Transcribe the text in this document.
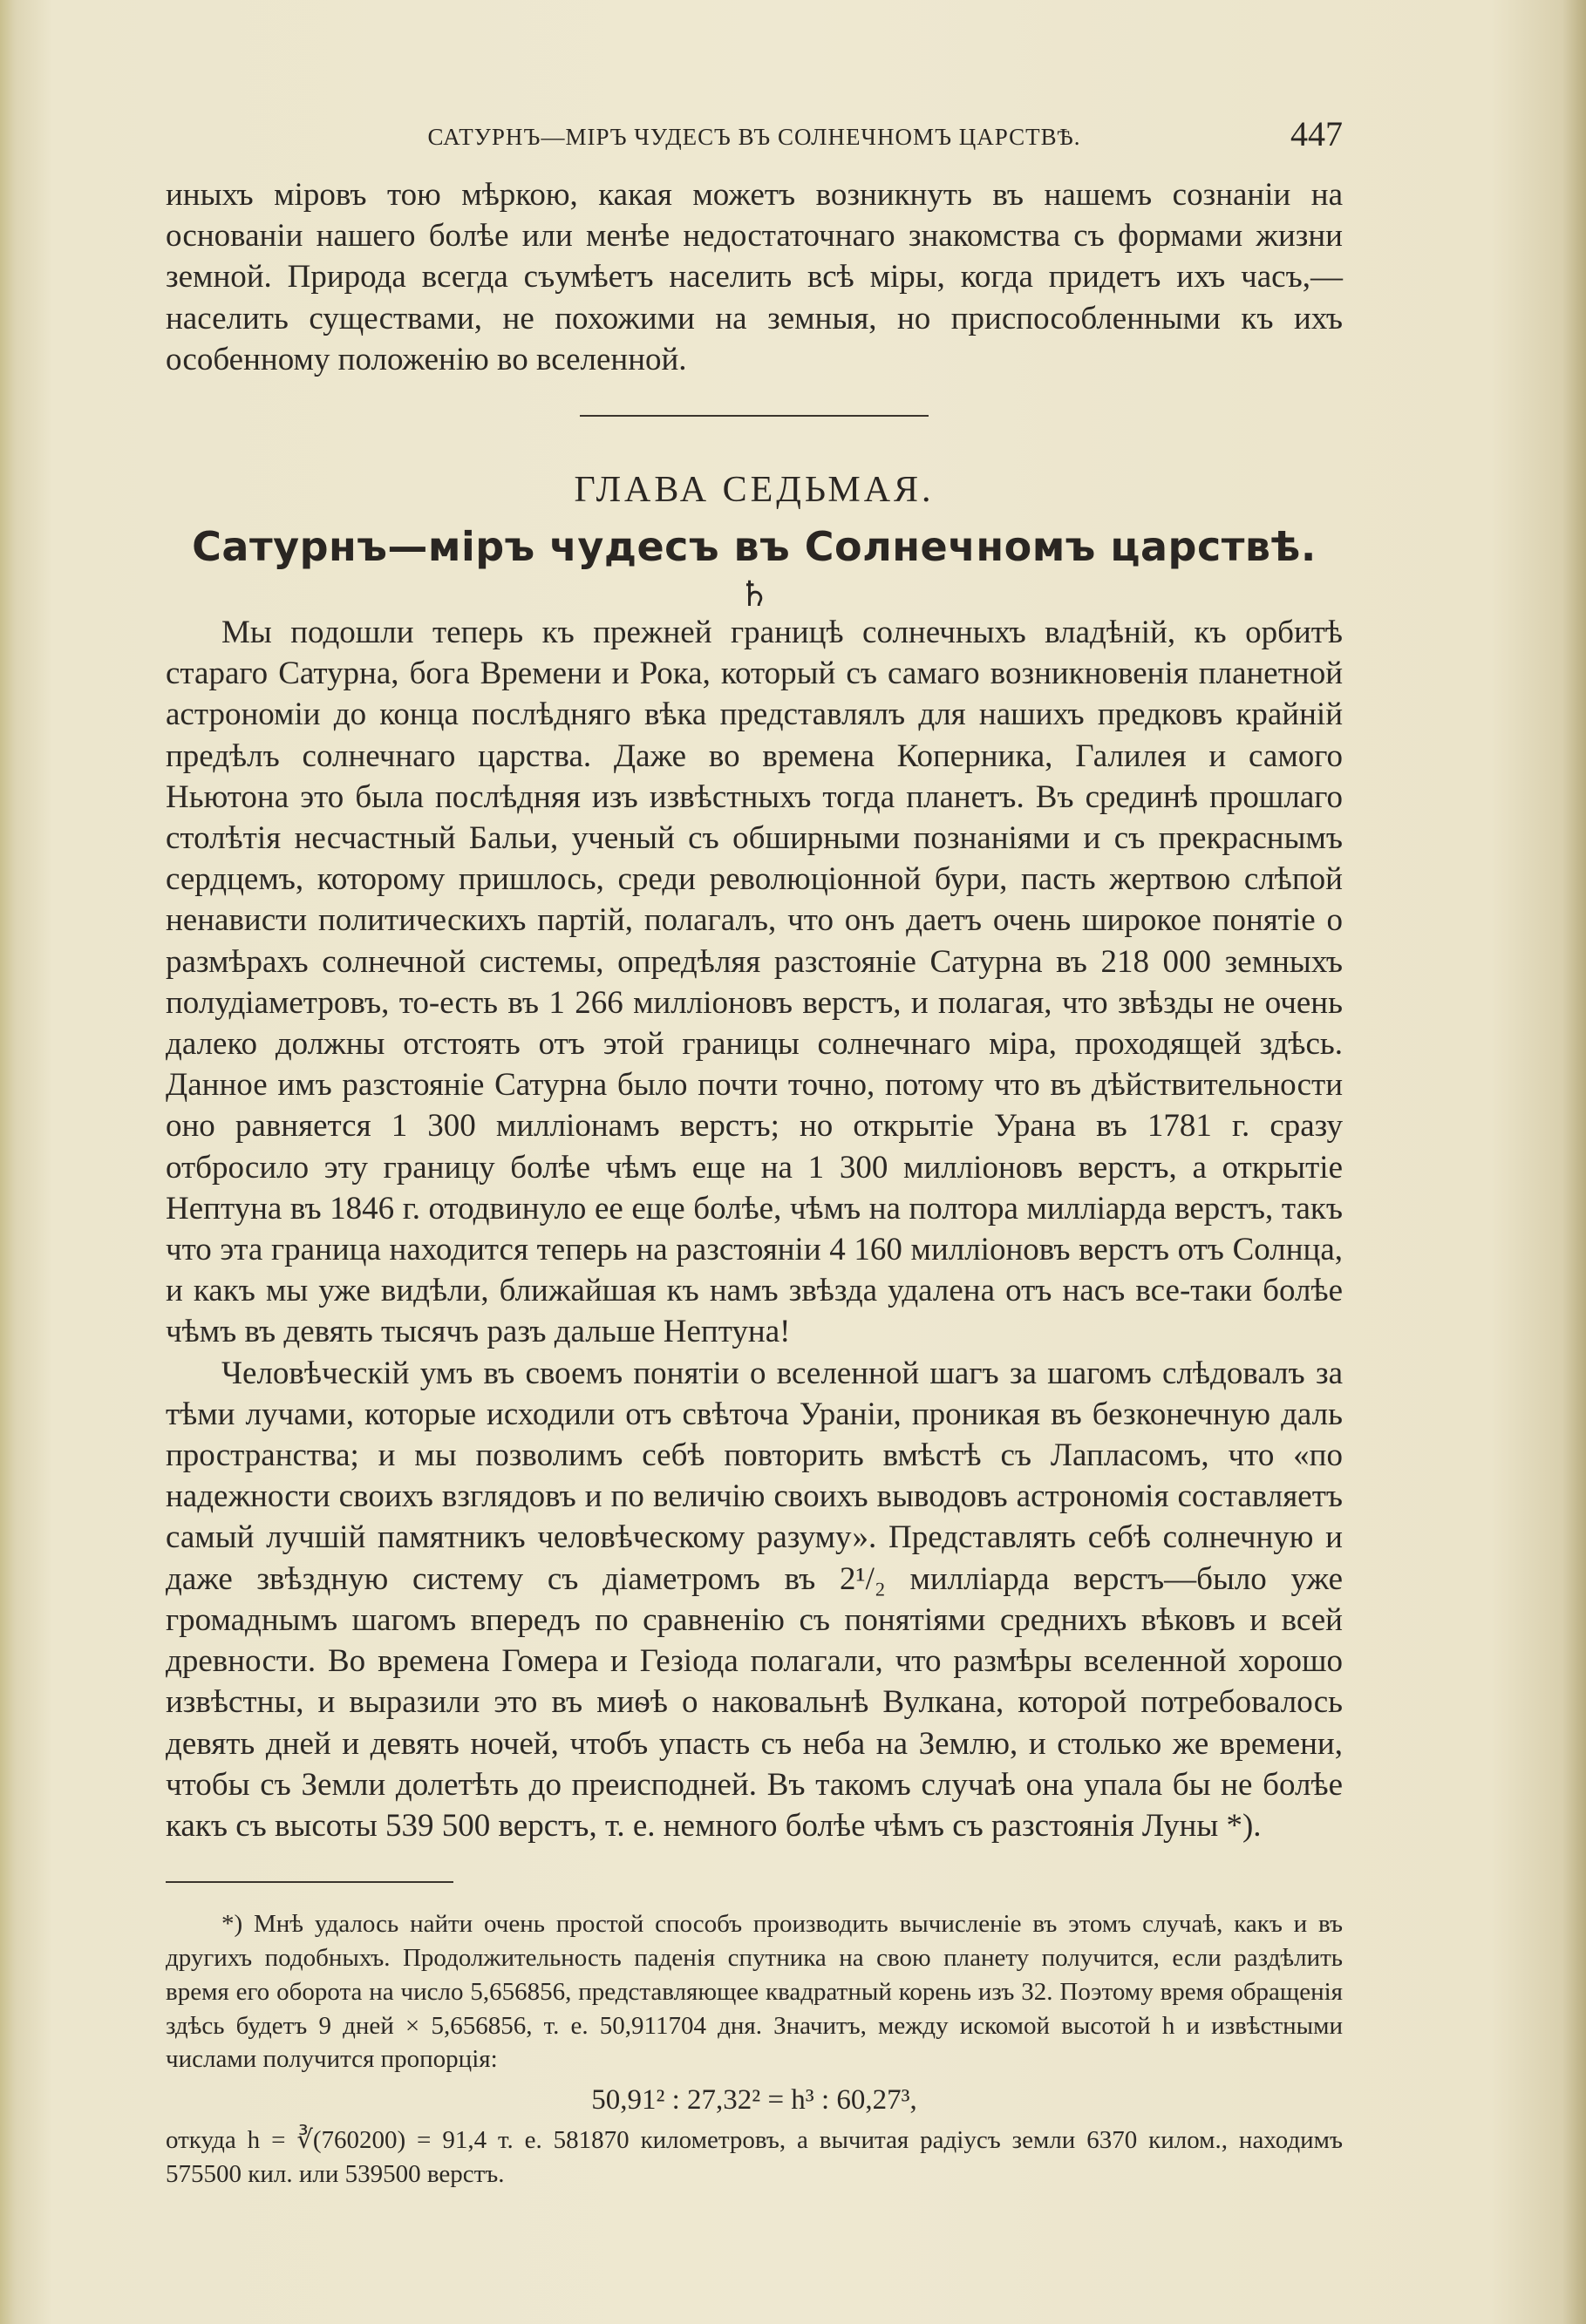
САТУРНЪ—МІРЪ ЧУДЕСЪ ВЪ СОЛНЕЧНОМЪ ЦАРСТВѢ.	447

иныхъ міровъ тою мѣркою, какая можетъ возникнуть въ нашемъ сознаніи на основаніи нашего болѣе или менѣе недостаточнаго знакомства съ формами жизни земной. Природа всегда съумѣетъ населить всѣ міры, когда придетъ ихъ часъ,—населить существами, не похожими на земныя, но приспособленными къ ихъ особенному положенію во вселенной.

ГЛАВА СЕДЬМАЯ.
Сатурнъ—міръ чудесъ въ Солнечномъ царствѣ.
♄

Мы подошли теперь къ прежней границѣ солнечныхъ владѣній, къ орбитѣ стараго Сатурна, бога Времени и Рока, который съ самаго возникновенія планетной астрономіи до конца послѣдняго вѣка представлялъ для нашихъ предковъ крайній предѣлъ солнечнаго царства. Даже во времена Коперника, Галилея и самого Ньютона это была послѣдняя изъ извѣстныхъ тогда планетъ. Въ срединѣ прошлаго столѣтія несчастный Бальи, ученый съ обширными познаніями и съ прекраснымъ сердцемъ, которому пришлось, среди революціонной бури, пасть жертвою слѣпой ненависти политическихъ партій, полагалъ, что онъ даетъ очень широкое понятіе о размѣрахъ солнечной системы, опредѣляя разстояніе Сатурна въ 218 000 земныхъ полудіаметровъ, то-есть въ 1 266 милліоновъ верстъ, и полагая, что звѣзды не очень далеко должны отстоять отъ этой границы солнечнаго міра, проходящей здѣсь. Данное имъ разстояніе Сатурна было почти точно, потому что въ дѣйствительности оно равняется 1 300 милліонамъ верстъ; но открытіе Урана въ 1781 г. сразу отбросило эту границу болѣе чѣмъ еще на 1 300 милліоновъ верстъ, а открытіе Нептуна въ 1846 г. отодвинуло ее еще болѣе, чѣмъ на полтора милліарда верстъ, такъ что эта граница находится теперь на разстояніи 4 160 милліоновъ верстъ отъ Солнца, и какъ мы уже видѣли, ближайшая къ намъ звѣзда удалена отъ насъ все-таки болѣе чѣмъ въ девять тысячъ разъ дальше Нептуна!

Человѣческій умъ въ своемъ понятіи о вселенной шагъ за шагомъ слѣдовалъ за тѣми лучами, которые исходили отъ свѣточа Ураніи, проникая въ безконечную даль пространства; и мы позволимъ себѣ повторить вмѣстѣ съ Лапласомъ, что «по надежности своихъ взглядовъ и по величію своихъ выводовъ астрономія составляетъ самый лучшій памятникъ человѣческому разуму». Представлять себѣ солнечную и даже звѣздную систему съ діаметромъ въ 2¹/₂ милліарда верстъ—было уже громаднымъ шагомъ впередъ по сравненію съ понятіями среднихъ вѣковъ и всей древности. Во времена Гомера и Гезіода полагали, что размѣры вселенной хорошо извѣстны, и выразили это въ миѳѣ о наковальнѣ Вулкана, которой потребовалось девять дней и девять ночей, чтобъ упасть съ неба на Землю, и столько же времени, чтобы съ Земли долетѣть до преисподней. Въ такомъ случаѣ она упала бы не болѣе какъ съ высоты 539 500 верстъ, т. е. немного болѣе чѣмъ съ разстоянія Луны *).

*) Мнѣ удалось найти очень простой способъ производить вычисленіе въ этомъ случаѣ, какъ и въ другихъ подобныхъ. Продолжительность паденія спутника на свою планету получится, если раздѣлить время его оборота на число 5,656856, представляющее квадратный корень изъ 32. Поэтому время обращенія здѣсь будетъ 9 дней × 5,656856, т. е. 50,911704 дня. Значитъ, между искомой высотой h и извѣстными числами получится пропорція:

50,91² : 27,32² = h³ : 60,27³,

откуда h = ∛(760200) = 91,4 т. е. 581870 километровъ, а вычитая радіусъ земли 6370 килом., находимъ 575500 кил. или 539500 верстъ.
